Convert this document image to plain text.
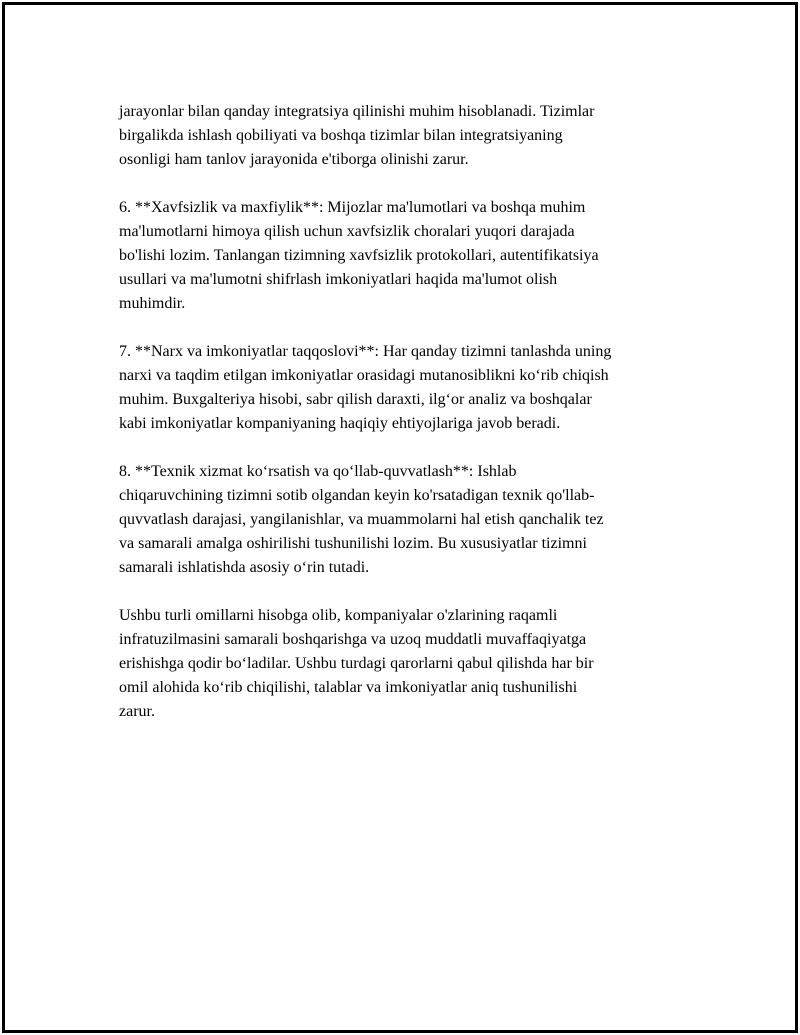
jarayonlar bilan qanday integratsiya qilinishi muhim hisoblanadi. Tizimlar
birgalikda ishlash qobiliyati va boshqa tizimlar bilan integratsiyaning
osonligi ham tanlov jarayonida e'tiborga olinishi zarur.

6. **Xavfsizlik va maxfiylik**: Mijozlar ma'lumotlari va boshqa muhim
ma'lumotlarni himoya qilish uchun xavfsizlik choralari yuqori darajada
bo'lishi lozim. Tanlangan tizimning xavfsizlik protokollari, autentifikatsiya
usullari va ma'lumotni shifrlash imkoniyatlari haqida ma'lumot olish
muhimdir.

7. **Narx va imkoniyatlar taqqoslovi**: Har qanday tizimni tanlashda uning
narxi va taqdim etilgan imkoniyatlar orasidagi mutanosiblikni ko‘rib chiqish
muhim. Buxgalteriya hisobi, sabr qilish daraxti, ilg‘or analiz va boshqalar
kabi imkoniyatlar kompaniyaning haqiqiy ehtiyojlariga javob beradi.

8. **Texnik xizmat ko‘rsatish va qo‘llab-quvvatlash**: Ishlab
chiqaruvchining tizimni sotib olgandan keyin ko'rsatadigan texnik qo'llab-
quvvatlash darajasi, yangilanishlar, va muammolarni hal etish qanchalik tez
va samarali amalga oshirilishi tushunilishi lozim. Bu xususiyatlar tizimni
samarali ishlatishda asosiy o‘rin tutadi.

Ushbu turli omillarni hisobga olib, kompaniyalar o'zlarining raqamli
infratuzilmasini samarali boshqarishga va uzoq muddatli muvaffaqiyatga
erishishga qodir bo‘ladilar. Ushbu turdagi qarorlarni qabul qilishda har bir
omil alohida ko‘rib chiqilishi, talablar va imkoniyatlar aniq tushunilishi
zarur.
